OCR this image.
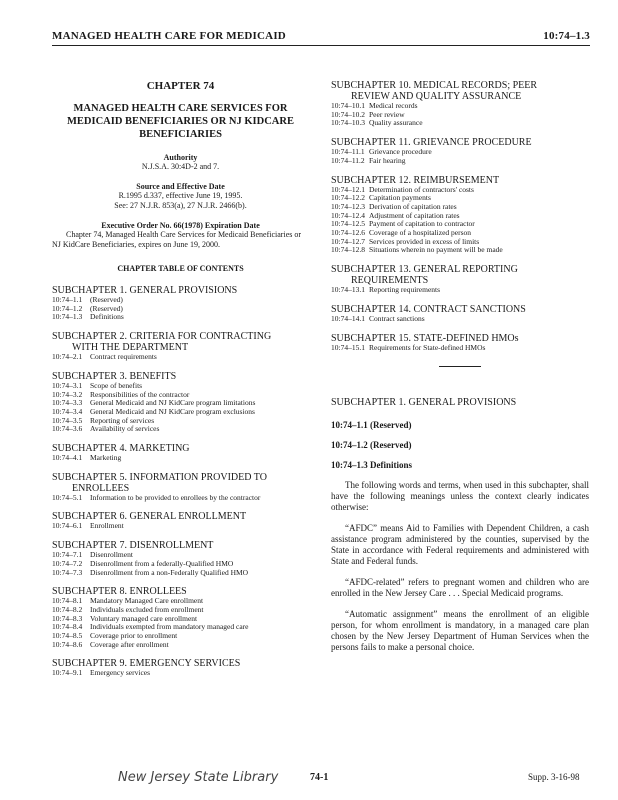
MANAGED HEALTH CARE FOR MEDICAID	10:74–1.3
CHAPTER 74
MANAGED HEALTH CARE SERVICES FOR MEDICAID BENEFICIARIES OR NJ KIDCARE BENEFICIARIES
Authority
N.J.S.A. 30:4D-2 and 7.
Source and Effective Date
R.1995 d.337, effective June 19, 1995.
See: 27 N.J.R. 853(a), 27 N.J.R. 2466(b).
Executive Order No. 66(1978) Expiration Date
Chapter 74, Managed Health Care Services for Medicaid Beneficiaries or NJ KidCare Beneficiaries, expires on June 19, 2000.
CHAPTER TABLE OF CONTENTS
SUBCHAPTER 1. GENERAL PROVISIONS
10:74–1.1	(Reserved)
10:74–1.2	(Reserved)
10:74–1.3	Definitions
SUBCHAPTER 2. CRITERIA FOR CONTRACTING
WITH THE DEPARTMENT
10:74–2.1	Contract requirements
SUBCHAPTER 3. BENEFITS
10:74–3.1	Scope of benefits
10:74–3.2	Responsibilities of the contractor
10:74–3.3	General Medicaid and NJ KidCare program limitations
10:74–3.4	General Medicaid and NJ KidCare program exclusions
10:74–3.5	Reporting of services
10:74–3.6	Availability of services
SUBCHAPTER 4. MARKETING
10:74–4.1	Marketing
SUBCHAPTER 5. INFORMATION PROVIDED TO
ENROLLEES
10:74–5.1	Information to be provided to enrollees by the contractor
SUBCHAPTER 6. GENERAL ENROLLMENT
10:74–6.1	Enrollment
SUBCHAPTER 7. DISENROLLMENT
10:74–7.1	Disenrollment
10:74–7.2	Disenrollment from a federally-Qualified HMO
10:74–7.3	Disenrollment from a non-Federally Qualified HMO
SUBCHAPTER 8. ENROLLEES
10:74–8.1	Mandatory Managed Care enrollment
10:74–8.2	Individuals excluded from enrollment
10:74–8.3	Voluntary managed care enrollment
10:74–8.4	Individuals exempted from mandatory managed care
10:74–8.5	Coverage prior to enrollment
10:74–8.6	Coverage after enrollment
SUBCHAPTER 9. EMERGENCY SERVICES
10:74–9.1	Emergency services
SUBCHAPTER 10. MEDICAL RECORDS; PEER
REVIEW AND QUALITY ASSURANCE
10:74–10.1 Medical records
10:74–10.2 Peer review
10:74–10.3 Quality assurance
SUBCHAPTER 11. GRIEVANCE PROCEDURE
10:74–11.1 Grievance procedure
10:74–11.2 Fair hearing
SUBCHAPTER 12. REIMBURSEMENT
10:74–12.1 Determination of contractors' costs
10:74–12.2 Capitation payments
10:74–12.3 Derivation of capitation rates
10:74–12.4 Adjustment of capitation rates
10:74–12.5 Payment of capitation to contractor
10:74–12.6 Coverage of a hospitalized person
10:74–12.7 Services provided in excess of limits
10:74–12.8 Situations wherein no payment will be made
SUBCHAPTER 13. GENERAL REPORTING
REQUIREMENTS
10:74–13.1 Reporting requirements
SUBCHAPTER 14. CONTRACT SANCTIONS
10:74–14.1 Contract sanctions
SUBCHAPTER 15. STATE-DEFINED HMOs
10:74–15.1 Requirements for State-defined HMOs
SUBCHAPTER 1. GENERAL PROVISIONS
10:74–1.1 (Reserved)
10:74–1.2 (Reserved)
10:74–1.3 Definitions
The following words and terms, when used in this subchapter, shall have the following meanings unless the context clearly indicates otherwise:
“AFDC” means Aid to Families with Dependent Children, a cash assistance program administered by the counties, supervised by the State in accordance with Federal requirements and administered with State and Federal funds.
“AFDC-related” refers to pregnant women and children who are enrolled in the New Jersey Care . . . Special Medicaid programs.
“Automatic assignment” means the enrollment of an eligible person, for whom enrollment is mandatory, in a managed care plan chosen by the New Jersey Department of Human Services when the persons fails to make a personal choice.
New Jersey State Library	74-1	Supp. 3-16-98
